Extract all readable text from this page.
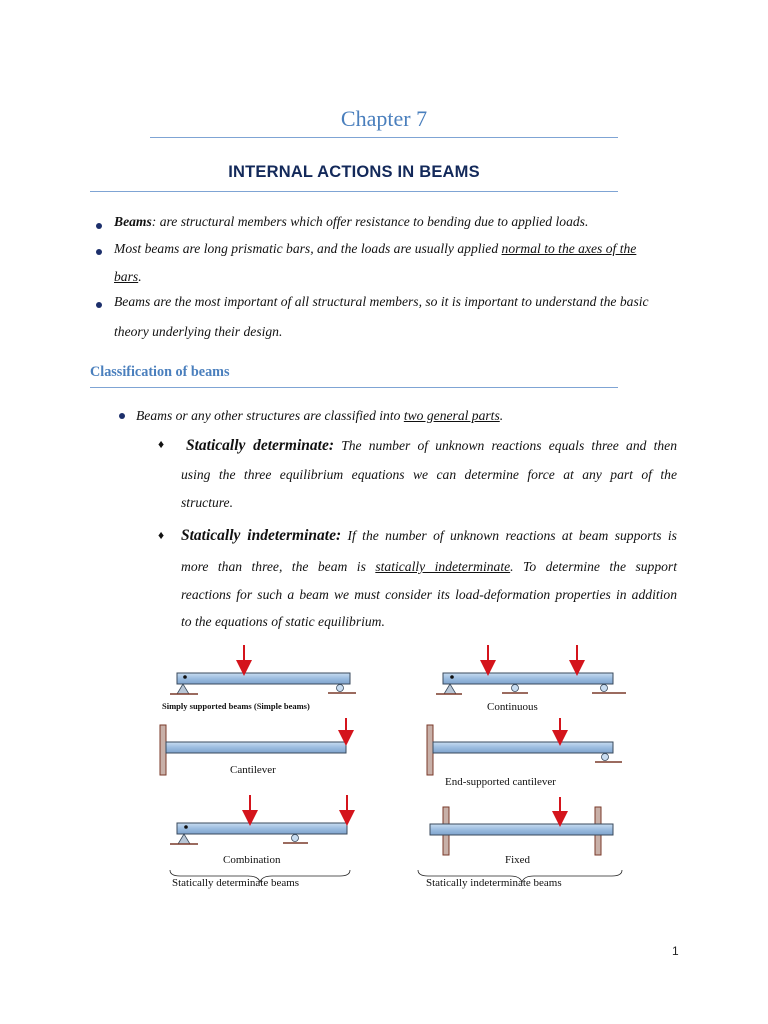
Chapter 7
INTERNAL ACTIONS IN BEAMS
Beams: are structural members which offer resistance to bending due to applied loads.
Most beams are long prismatic bars, and the loads are usually applied normal to the axes of the
bars.
Beams are the most important of all structural members, so it is important to understand the basic
theory underlying their design.
Classification of beams
Beams or any other structures are classified into two general parts.
♦ Statically determinate: The number of unknown reactions equals three and then
using the three equilibrium equations we can determine force at any part of the
structure.
♦ Statically indeterminate: If the number of unknown reactions at beam supports is
more than three, the beam is statically indeterminate. To determine the support
reactions for such a beam we must consider its load-deformation properties in addition
to the equations of static equilibrium.
Simply supported beams (Simple beams)
Cantilever
Combination
Statically determinate beams
Continuous
End-supported cantilever
Fixed
Statically indeterminate beams
1
